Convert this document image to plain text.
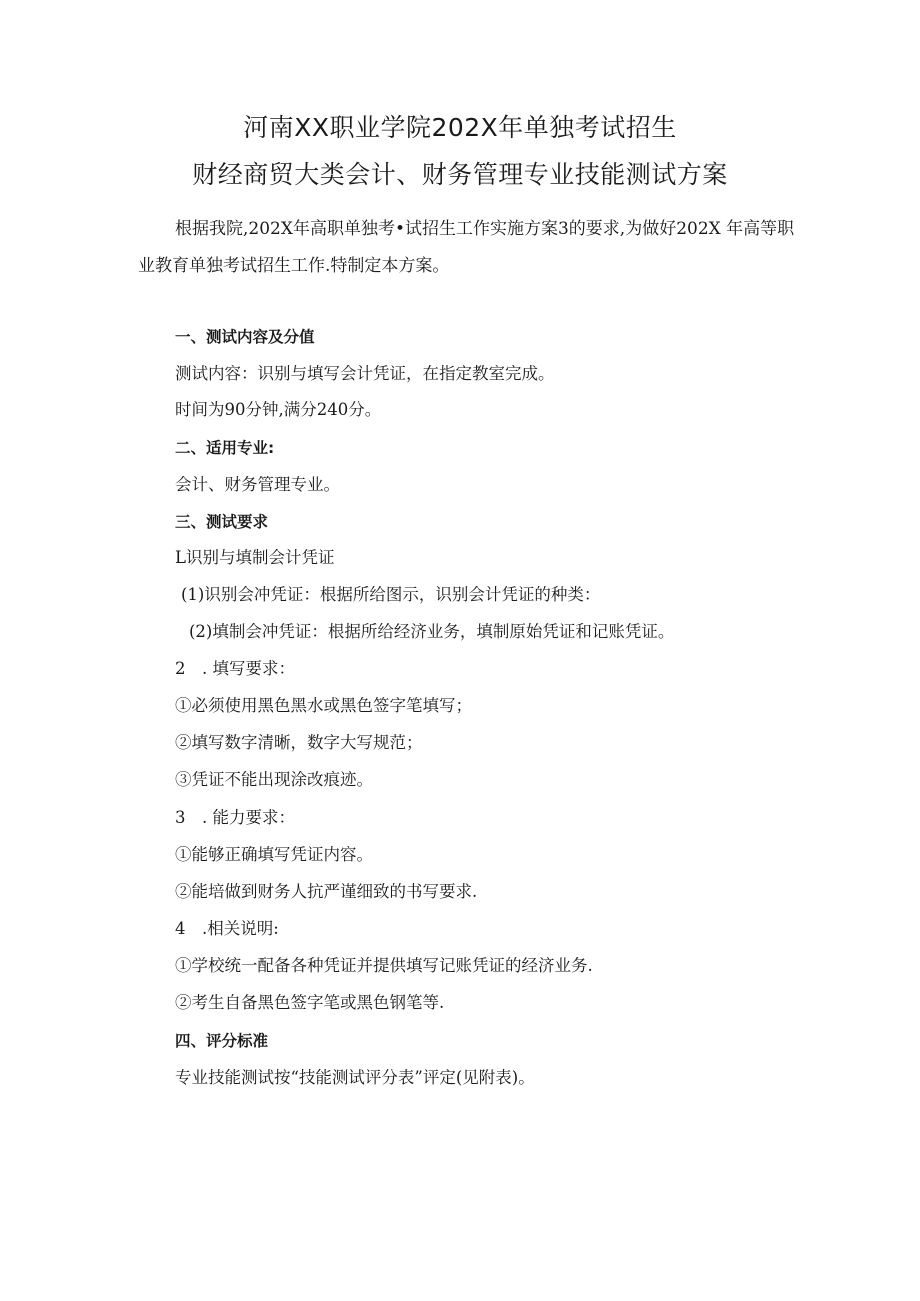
河南XX职业学院202X年单独考试招生
财经商贸大类会计、财务管理专业技能测试方案
根据我院,202X年高职单独考•试招生工作实施方案3的要求,为做好202X 年高等职
业教育单独考试招生工作.特制定本方案。
一、测试内容及分值
测试内容：识别与填写会计凭证，在指定教室完成。
时间为90分钟,满分240分。
二、适用专业:
会计、财务管理专业。
三、测试要求
L识别与填制会计凭证
(1)识别会冲凭证：根据所给图示，识别会计凭证的种类：
(2)填制会冲凭证：根据所给经济业务，填制原始凭证和记账凭证。
2　. 填写要求：
①必须使用黑色黑水或黑色签字笔填写；
②填写数字清晰，数字大写规范；
③凭证不能出现涂改痕迹。
3　. 能力要求：
①能够正确填写凭证内容。
②能培做到财务人抗严谨细致的书写要求.
4　.相关说明:
①学校统一配备各种凭证并提供填写记账凭证的经济业务.
②考生自备黑色签字笔或黑色钢笔等.
四、评分标准
专业技能测试按“技能测试评分表”评定(见附表)。
